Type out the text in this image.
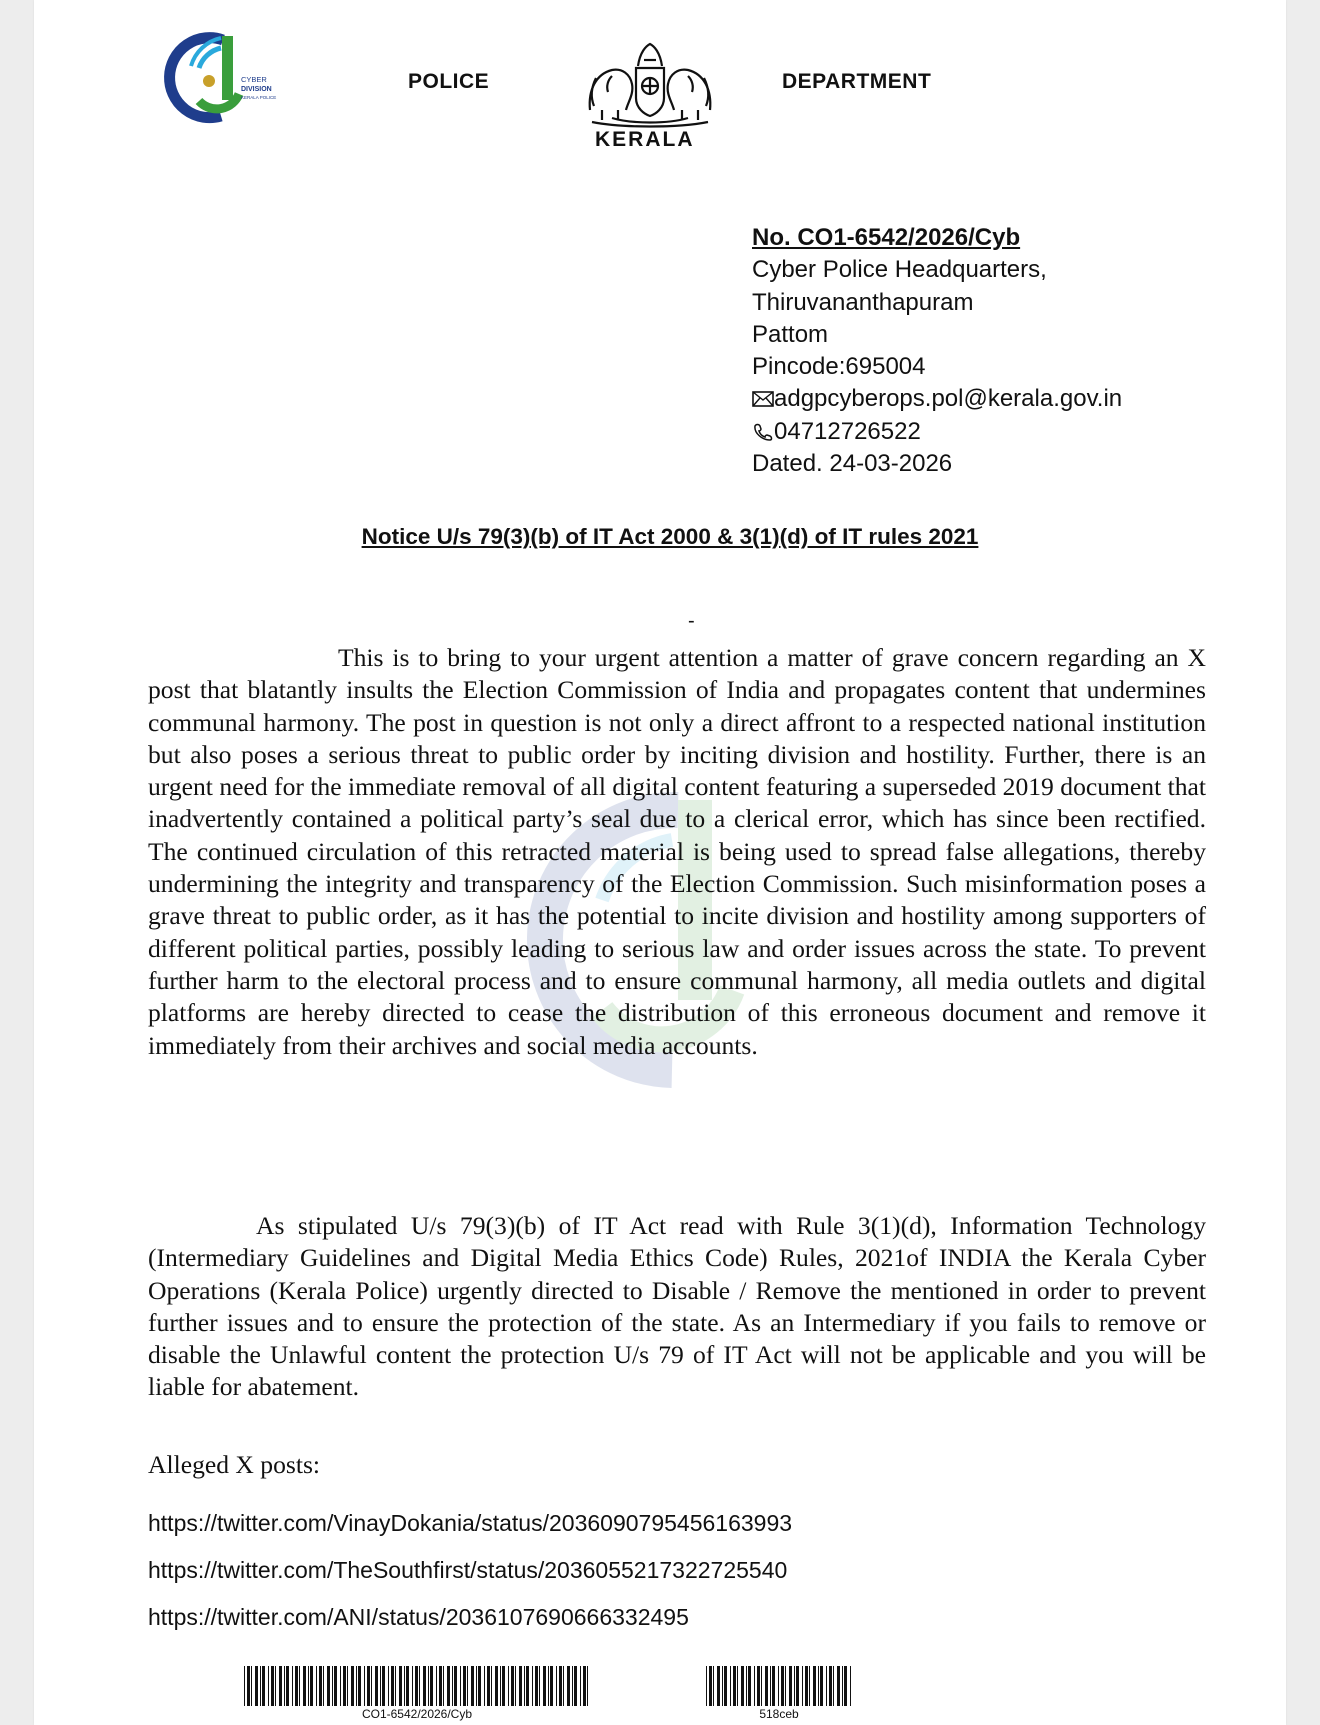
CYBER
DIVISION
KERALA POLICE
POLICE	DEPARTMENT
KERALA
No. CO1-6542/2026/Cyb
Cyber Police Headquarters,
Thiruvananthapuram
Pattom
Pincode:695004
adgpcyberops.pol@kerala.gov.in
04712726522
Dated. 24-03-2026
Notice U/s 79(3)(b) of IT Act 2000 & 3(1)(d) of IT rules 2021
-
This is to bring to your urgent attention a matter of grave concern regarding an X post that blatantly insults the Election Commission of India and propagates content that undermines communal harmony. The post in question is not only a direct affront to a respected national institution but also poses a serious threat to public order by inciting division and hostility. Further, there is an urgent need for the immediate removal of all digital content featuring a superseded 2019 document that inadvertently contained a political party’s seal due to a clerical error, which has since been rectified. The continued circulation of this retracted material is being used to spread false allegations, thereby undermining the integrity and transparency of the Election Commission. Such misinformation poses a grave threat to public order, as it has the potential to incite division and hostility among supporters of different political parties, possibly leading to serious law and order issues across the state. To prevent further harm to the electoral process and to ensure communal harmony, all media outlets and digital platforms are hereby directed to cease the distribution of this erroneous document and remove it immediately from their archives and social media accounts.
As stipulated U/s 79(3)(b) of IT Act read with Rule 3(1)(d), Information Technology (Intermediary Guidelines and Digital Media Ethics Code) Rules, 2021of INDIA the Kerala Cyber Operations (Kerala Police) urgently directed to Disable / Remove the mentioned in order to prevent further issues and to ensure the protection of the state. As an Intermediary if you fails to remove or disable the Unlawful content the protection U/s 79 of IT Act will not be applicable and you will be liable for abatement.
Alleged X posts:
https://twitter.com/VinayDokania/status/2036090795456163993
https://twitter.com/TheSouthfirst/status/2036055217322725540
https://twitter.com/ANI/status/2036107690666332495
CO1-6542/2026/Cyb	518ceb
